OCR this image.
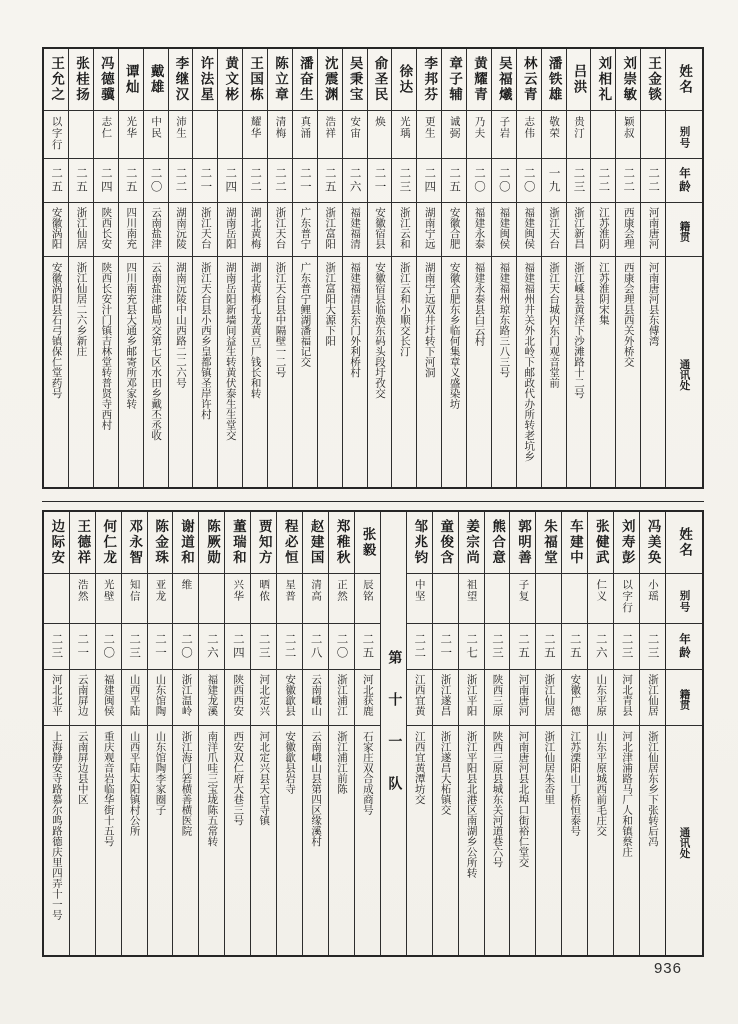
姓名
别号
年龄
籍贯
通讯处
王金锬
二二
河南唐河
河南唐河县东傅湾
刘崇敏
颖叔
二二
西康会理
西康会理县西关外桥交
刘相礼
二二
江苏淮阴
江苏淮阴宋集
吕洪
贵汀
二三
浙江新昌
浙江嵊县黄泽下沙滩路十二号
潘铁雄
敬荣
一九
浙江天台
浙江天台城内东门观音堂前
林云青
志伟
二〇
福建闽侯
福建福州井关外北岭下邮政代办所转老坑乡
吴福爔
子岩
二〇
福建闽侯
福建福州琼东路三八三号
黄耀青
乃夫
二〇
福建永泰
福建永泰县白云村
章子辅
诚弼
二五
安徽合肥
安徽合肥东乡临何集章义盛染坊
李邦芬
更生
二四
湖南宁远
湖南宁远双井圩转下河洞
徐达
光瑀
二三
浙江云和
浙江云和小顺交长汀
俞圣民
焕
二一
安徽宿县
安徽宿县临涣东码头段圩孜交
吴秉宝
安宙
二六
福建福清
福建福清县东门外利桥村
沈震渊
浩祥
二五
浙江富阳
浙江富阳大源下阳
潘奋生
真涌
二一
广东普宁
广东普宁鲤湖潘福记交
陈立章
清梅
二二
浙江天台
浙江天台县中隔壁一二号
王国栋
耀华
二二
湖北黄梅
湖北黄梅孔龙黄豆厂钱长和转
黄文彬
二四
湖南岳阳
湖南岳阳新墙间益生转黄伏泰生生堂交
许法星
二一
浙江天台
浙江天台县小西乡皇都镇圣岸许村
李继汉
沛生
二二
湖南沅陵
湖南沅陵中山西路二二六号
戴雄
中民
二〇
云南盐津
云南盐津邮局交第七区水田乡戴丕丞收
谭灿
光华
二五
四川南充
四川南充县大通乡邮寄所邓家转
冯德骥
志仁
二四
陕西长安
陕西长安汁门镇吉林堂转普贤寺西村
张桂扬
二五
浙江仙居
浙江仙居二六乡新庄
王允之
以字行
二五
安徽涡阳
安徽涡阳县石弓镇保仁堂药号
姓名
别号
年龄
籍贯
通讯处
冯美奂
小瑶
二三
浙江仙居
浙江仙居东乡下张转后冯
刘寿彭
以字行
二三
河北青县
河北津浦路马厂人和镇蔡庄
张健武
仁义
二六
山东平原
山东平原城西前毛庄交
车建中
二五
安徽广德
江苏溧阳山丁桥恒泰号
朱福堂
二五
浙江仙居
浙江仙居朱岙里
郭明善
子复
二五
河南唐河
河南唐河县北埠口街裕仁堂交
熊合意
二三
陕西三原
陕西三原县城东关河道巷六号
姜宗尚
祖望
二七
浙江平阳
浙江平阳县北港区南湖乡公所转
童俊含
二一
浙江遂昌
浙江遂昌大柘镇交
邹兆钧
中坚
二二
江西宜黄
江西宜黄潭坊交
第十一队
张毅
辰铭
二五
河北获鹿
石家庄双合成商号
郑稚秋
正然
二〇
浙江浦江
浙江浦江前陈
赵建国
清高
二八
云南峨山
云南峨山县第四区缘溪村
程必恒
星普
二二
安徽歙县
安徽歙县岩寺
贾知方
晒侬
二三
河北定兴
河北定兴县天官寺镇
董瑞和
兴华
二四
陕西西安
西安双仁府大巷三号
陈厥勋
二六
福建龙溪
南洋爪哇三宝垅陈五常转
谢道和
维
二〇
浙江温岭
浙江海门箬横善横医院
陈金珠
亚龙
二一
山东馆陶
山东馆陶李家圈子
邓永智
知信
二三
山西平陆
山西平陆太阳镇村公所
何仁龙
光壁
二〇
福建闽侯
重庆观音岩临华街十五号
王德祥
浩然
二一
云南屏边
云南屏边县中区
边际安
二三
河北北平
上海静安寺路慕尔鸣路德庆里四弄十一号
936
